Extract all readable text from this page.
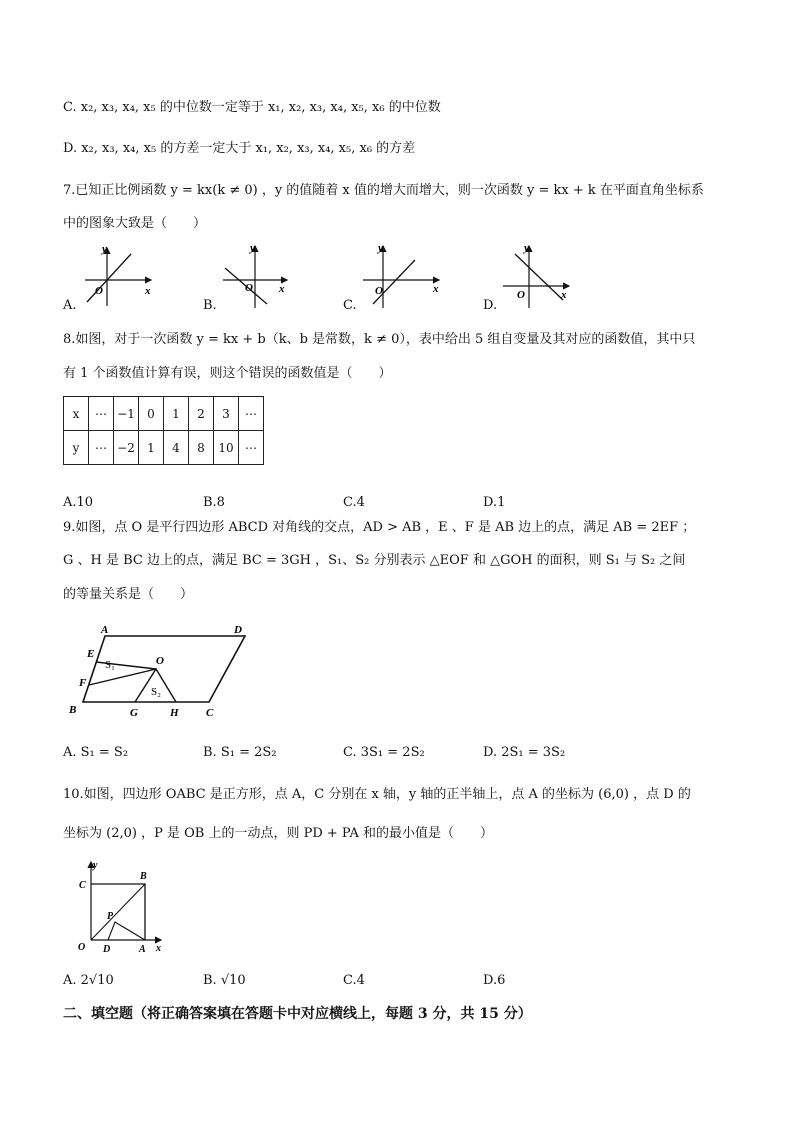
C. x₂, x₃, x₄, x₅ 的中位数一定等于 x₁, x₂, x₃, x₄, x₅, x₆ 的中位数
D. x₂, x₃, x₄, x₅ 的方差一定大于 x₁, x₂, x₃, x₄, x₅, x₆ 的方差
7.已知正比例函数 y = kx(k ≠ 0) ，y 的值随着 x 值的增大而增大，则一次函数 y = kx + k 在平面直角坐标系
中的图象大致是（　　）
y
x
O
y
x
O
y
x
O
y
x
O
A.	B.	C.	D.
8.如图，对于一次函数 y = kx + b（k、b 是常数，k ≠ 0），表中给出 5 组自变量及其对应的函数值，其中只
有 1 个函数值计算有误，则这个错误的函数值是（　　）
x	⋯	−1	0	1	2	3	⋯
y	⋯	−2	1	4	8	10	⋯
A.10	B.8	C.4	D.1
9.如图，点 O 是平行四边形 ABCD 对角线的交点，AD > AB ，E 、F 是 AB 边上的点，满足 AB = 2EF ；
G 、H 是 BC 边上的点，满足 BC = 3GH ，S₁、S₂ 分别表示 △EOF 和 △GOH 的面积，则 S₁ 与 S₂ 之间
的等量关系是（　　）
A	D
E
F
B	G	H C
O
S₁
S₂
A. S₁ = S₂	B. S₁ = 2S₂	C. 3S₁ = 2S₂	D. 2S₁ = 3S₂
10.如图，四边形 OABC 是正方形，点 A，C 分别在 x 轴，y 轴的正半轴上，点 A 的坐标为 (6,0) ，点 D 的
坐标为 (2,0) ，P 是 OB 上的一动点，则 PD + PA 和的最小值是（　　）
y
x
C
B
P
O D	A
A. 2√10	B. √10	C.4	D.6
二、填空题（将正确答案填在答题卡中对应横线上，每题 3 分，共 15 分）
